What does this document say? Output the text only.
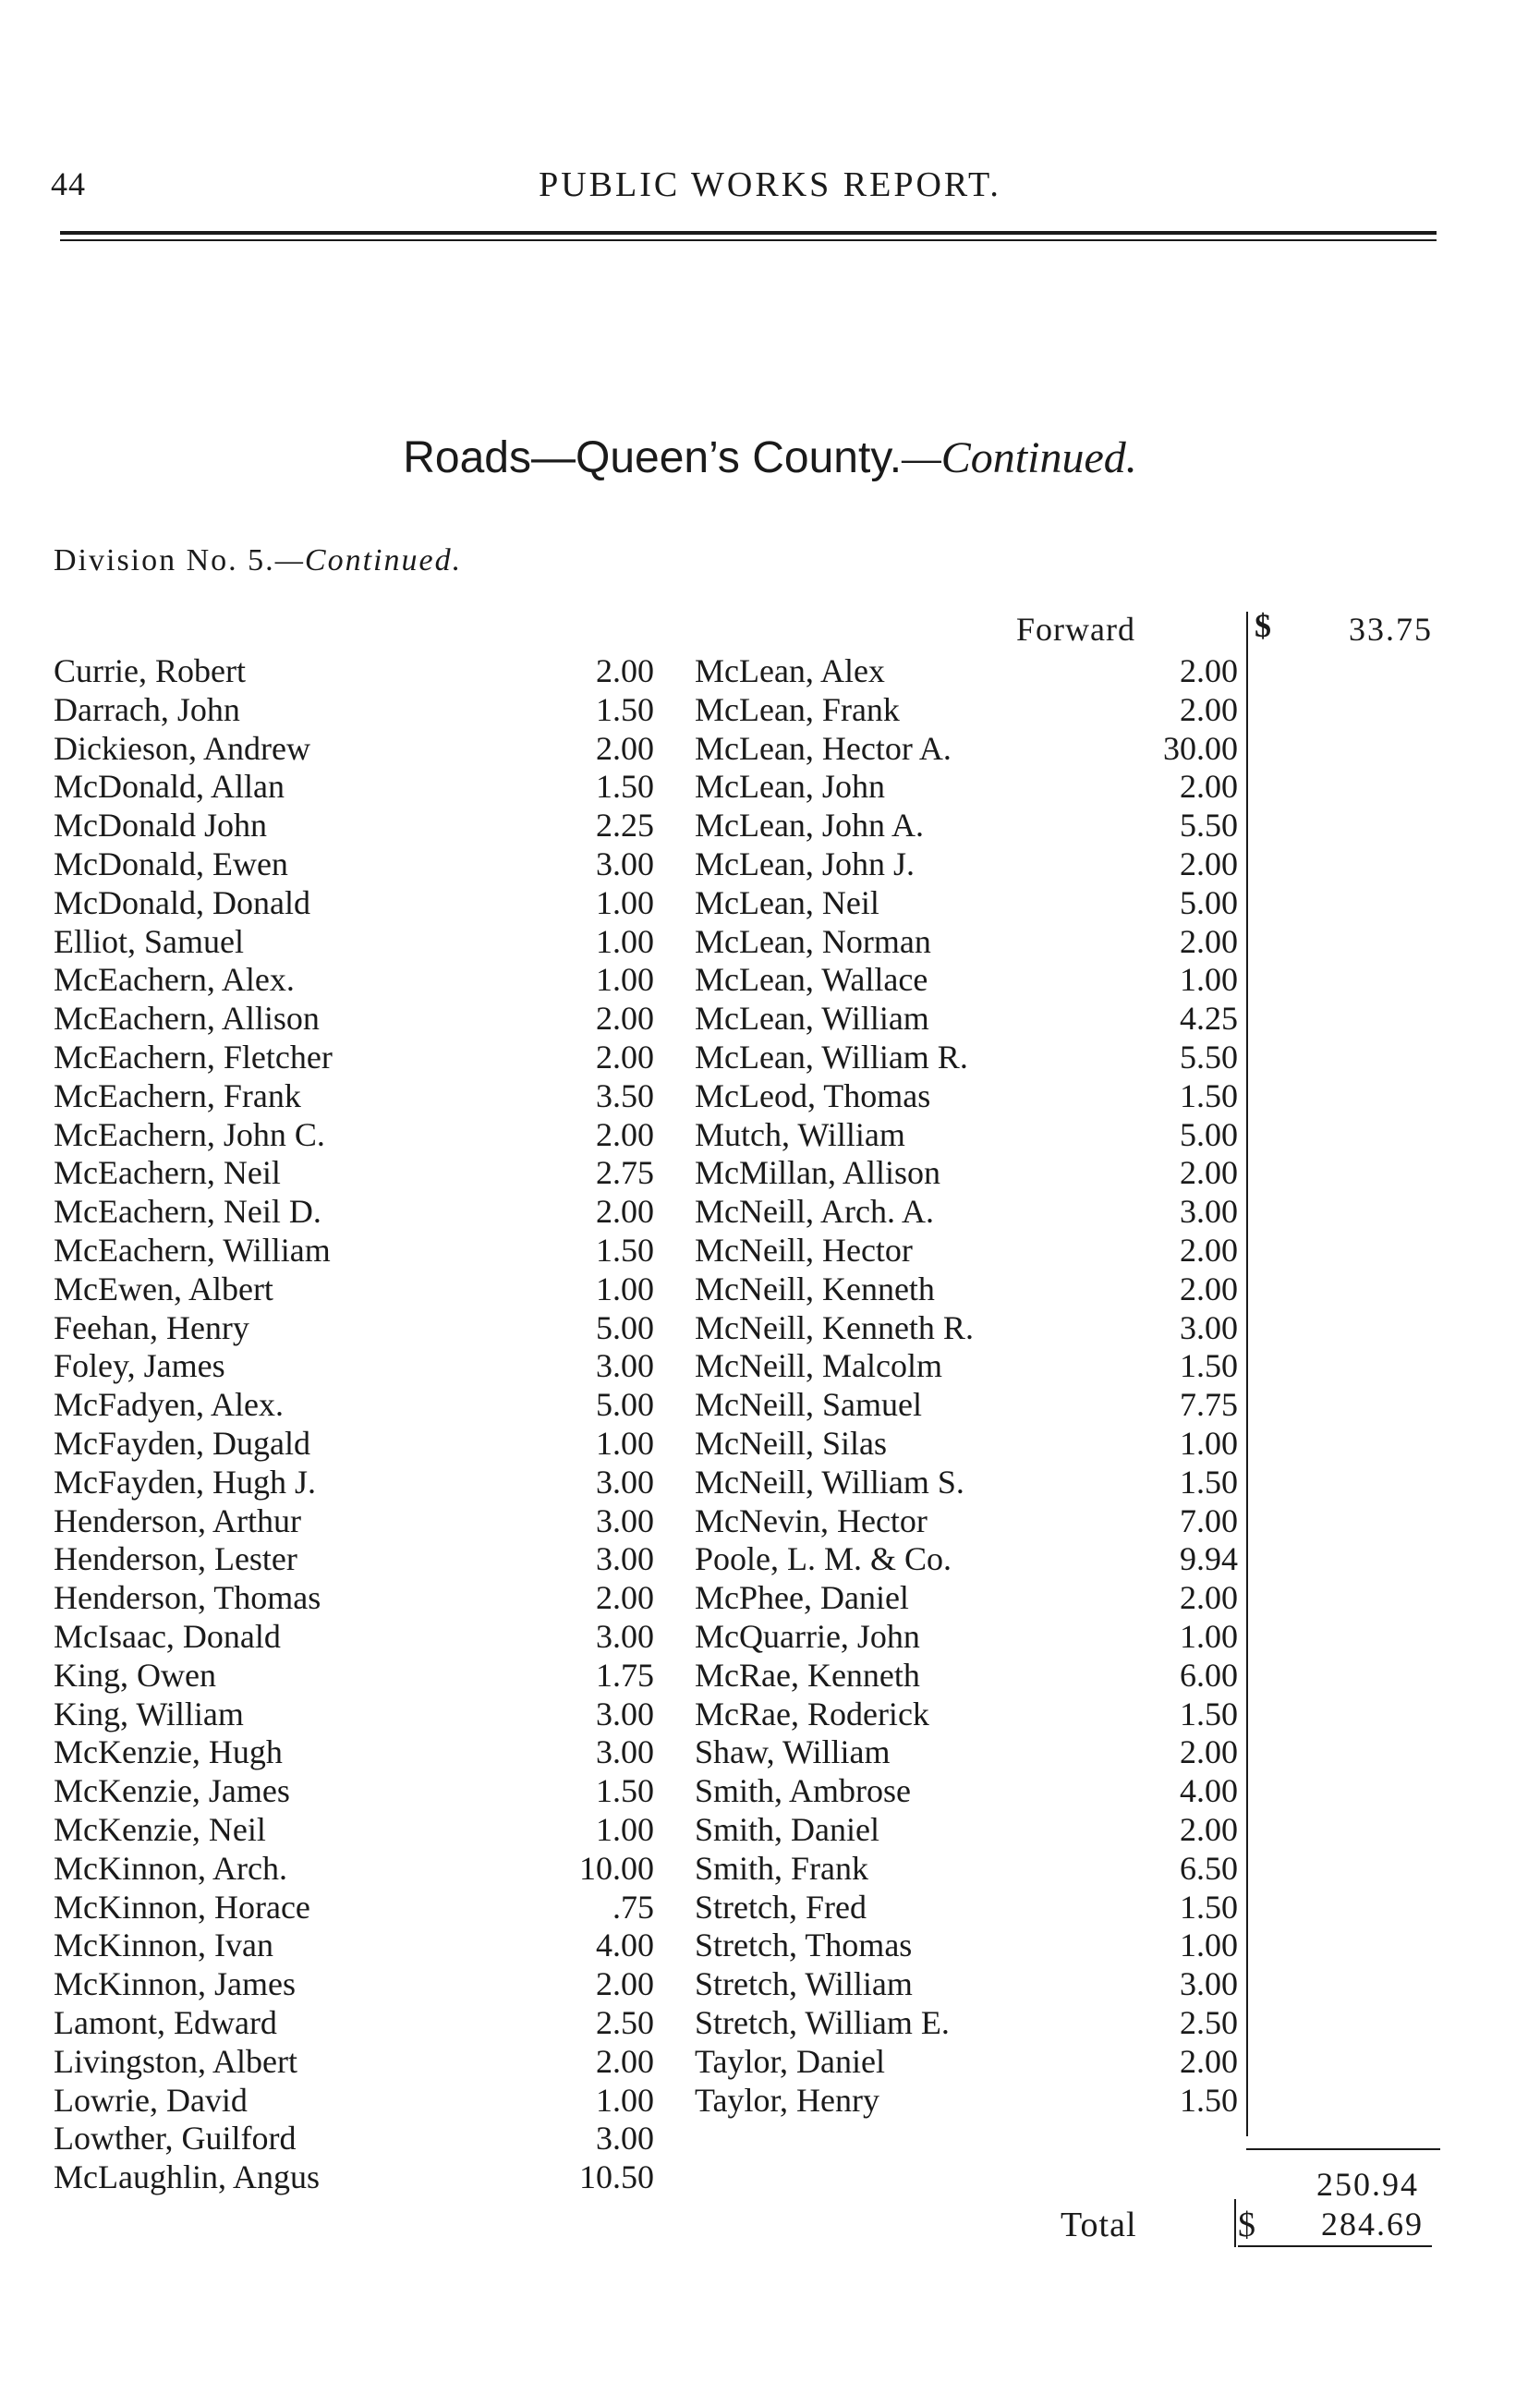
44	PUBLIC WORKS REPORT.
Roads—Queen’s County.—Continued.
Division No. 5.—Continued.
Forward	$ 33.75
Currie, Robert	2.00
Darrach, John	1.50
Dickieson, Andrew	2.00
McDonald, Allan	1.50
McDonald John	2.25
McDonald, Ewen	3.00
McDonald, Donald	1.00
Elliot, Samuel	1.00
McEachern, Alex.	1.00
McEachern, Allison	2.00
McEachern, Fletcher	2.00
McEachern, Frank	3.50
McEachern, John C.	2.00
McEachern, Neil	2.75
McEachern, Neil D.	2.00
McEachern, William	1.50
McEwen, Albert	1.00
Feehan, Henry	5.00
Foley, James	3.00
McFadyen, Alex.	5.00
McFayden, Dugald	1.00
McFayden, Hugh J.	3.00
Henderson, Arthur	3.00
Henderson, Lester	3.00
Henderson, Thomas	2.00
McIsaac, Donald	3.00
King, Owen	1.75
King, William	3.00
McKenzie, Hugh	3.00
McKenzie, James	1.50
McKenzie, Neil	1.00
McKinnon, Arch.	10.00
McKinnon, Horace	.75
McKinnon, Ivan	4.00
McKinnon, James	2.00
Lamont, Edward	2.50
Livingston, Albert	2.00
Lowrie, David	1.00
Lowther, Guilford	3.00
McLaughlin, Angus	10.50
McLean, Alex	2.00
McLean, Frank	2.00
McLean, Hector A.	30.00
McLean, John	2.00
McLean, John A.	5.50
McLean, John J.	2.00
McLean, Neil	5.00
McLean, Norman	2.00
McLean, Wallace	1.00
McLean, William	4.25
McLean, William R.	5.50
McLeod, Thomas	1.50
Mutch, William	5.00
McMillan, Allison	2.00
McNeill, Arch. A.	3.00
McNeill, Hector	2.00
McNeill, Kenneth	2.00
McNeill, Kenneth R.	3.00
McNeill, Malcolm	1.50
McNeill, Samuel	7.75
McNeill, Silas	1.00
McNeill, William S.	1.50
McNevin, Hector	7.00
Poole, L. M. & Co.	9.94
McPhee, Daniel	2.00
McQuarrie, John	1.00
McRae, Kenneth	6.00
McRae, Roderick	1.50
Shaw, William	2.00
Smith, Ambrose	4.00
Smith, Daniel	2.00
Smith, Frank	6.50
Stretch, Fred	1.50
Stretch, Thomas	1.00
Stretch, William	3.00
Stretch, William E.	2.50
Taylor, Daniel	2.00
Taylor, Henry	1.50
250.94
Total	$ 284.69
